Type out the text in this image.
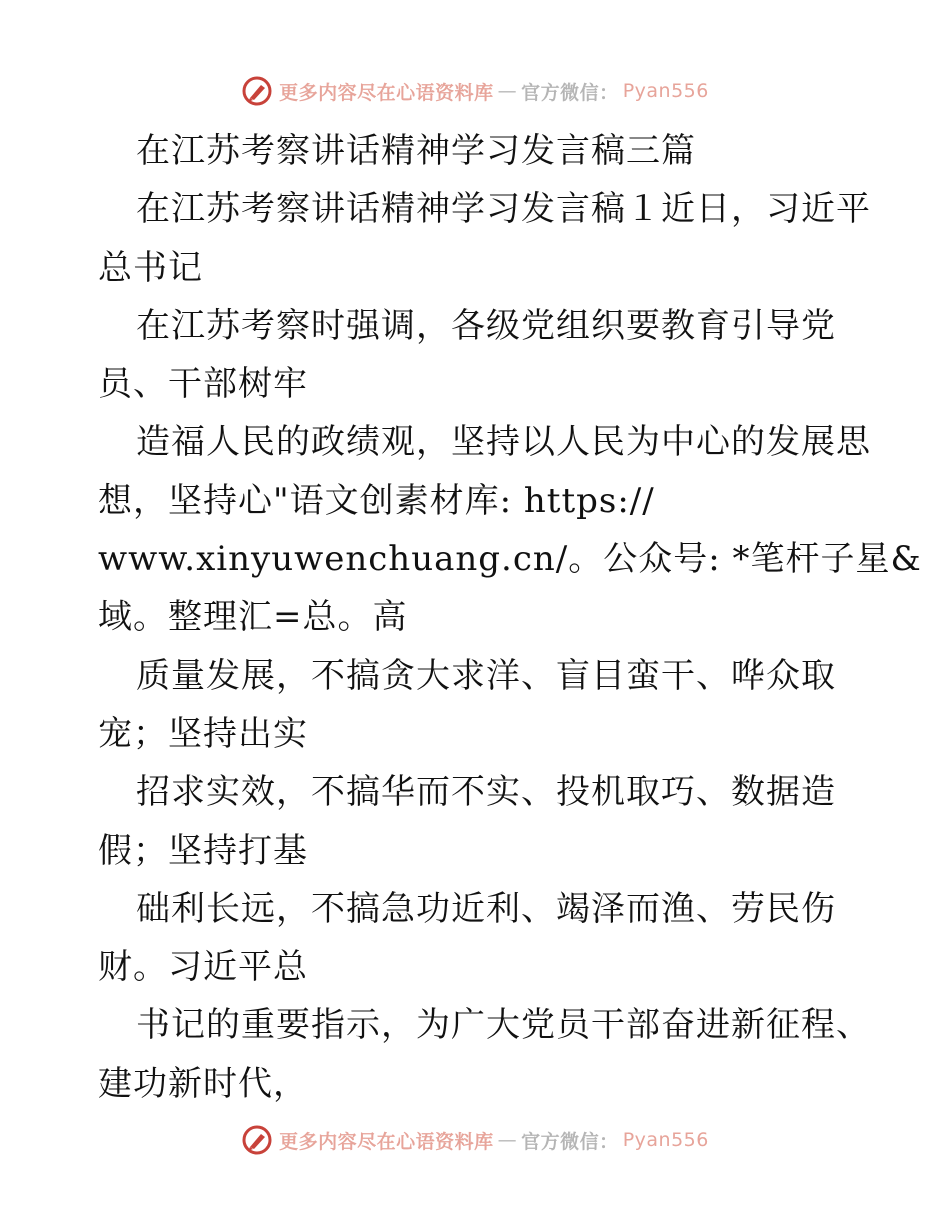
更多内容尽在心语资料库 — 官方微信： Pyan556
在江苏考察讲话精神学习发言稿三篇
在江苏考察讲话精神学习发言稿１近日，习近平
总书记
在江苏考察时强调，各级党组织要教育引导党
员、干部树牢
造福人民的政绩观，坚持以人民为中心的发展思
想，坚持心"语文创素材库: https://
www.xinyuwenchuang.cn/。公众号: *笔杆子星&
域。整理汇=总。高
质量发展，不搞贪大求洋、盲目蛮干、哗众取
宠；坚持出实
招求实效，不搞华而不实、投机取巧、数据造
假；坚持打基
础利长远，不搞急功近利、竭泽而渔、劳民伤
财。习近平总
书记的重要指示，为广大党员干部奋进新征程、
建功新时代，
更多内容尽在心语资料库 — 官方微信： Pyan556
